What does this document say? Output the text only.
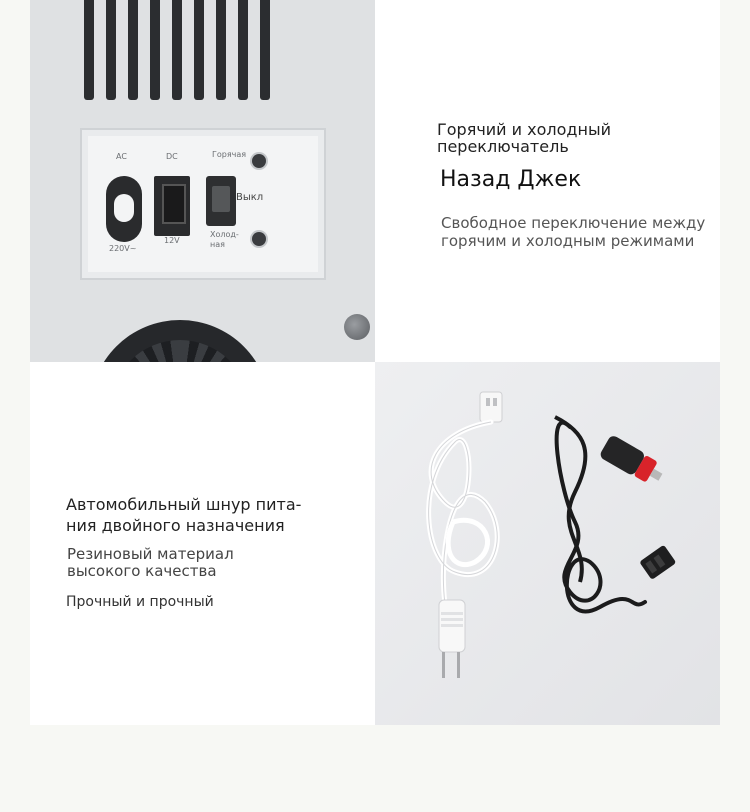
AC	DC
220V~
12V
Горячая
Выкл
Холод-
ная
Горячий и холодный
переключатель
Назад Джек
Свободное переключение между
горячим и холодным режимами
Автомобильный шнур пита-
ния двойного назначения
Резиновый материал
высокого качества
Прочный и прочный
